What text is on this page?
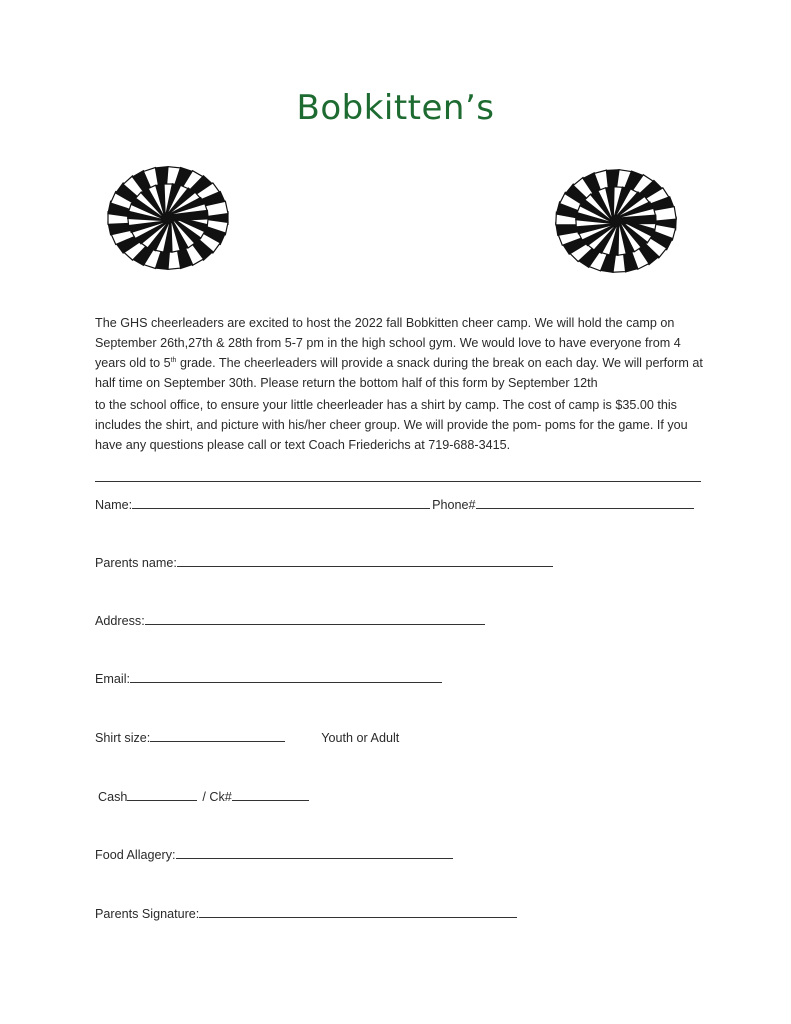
Bobkitten’s

The GHS cheerleaders are excited to host the 2022 fall Bobkitten cheer camp. We will hold the camp on September 26th,27th & 28th from 5-7 pm in the high school gym. We would love to have everyone from 4 years old to 5th grade. The cheerleaders will provide a snack during the break on each day. We will perform at half time on September 30th. Please return the bottom half of this form by September 12th

to the school office, to ensure your little cheerleader has a shirt by camp. The cost of camp is $35.00 this includes the shirt, and picture with his/her cheer group. We will provide the pom- poms for the game. If you have any questions please call or text Coach Friederichs at 719-688-3415.

Name:	Phone#
Parents name:
Address:
Email:
Shirt size:	Youth or Adult
Cash	/ Ck#
Food Allagery:
Parents Signature:
